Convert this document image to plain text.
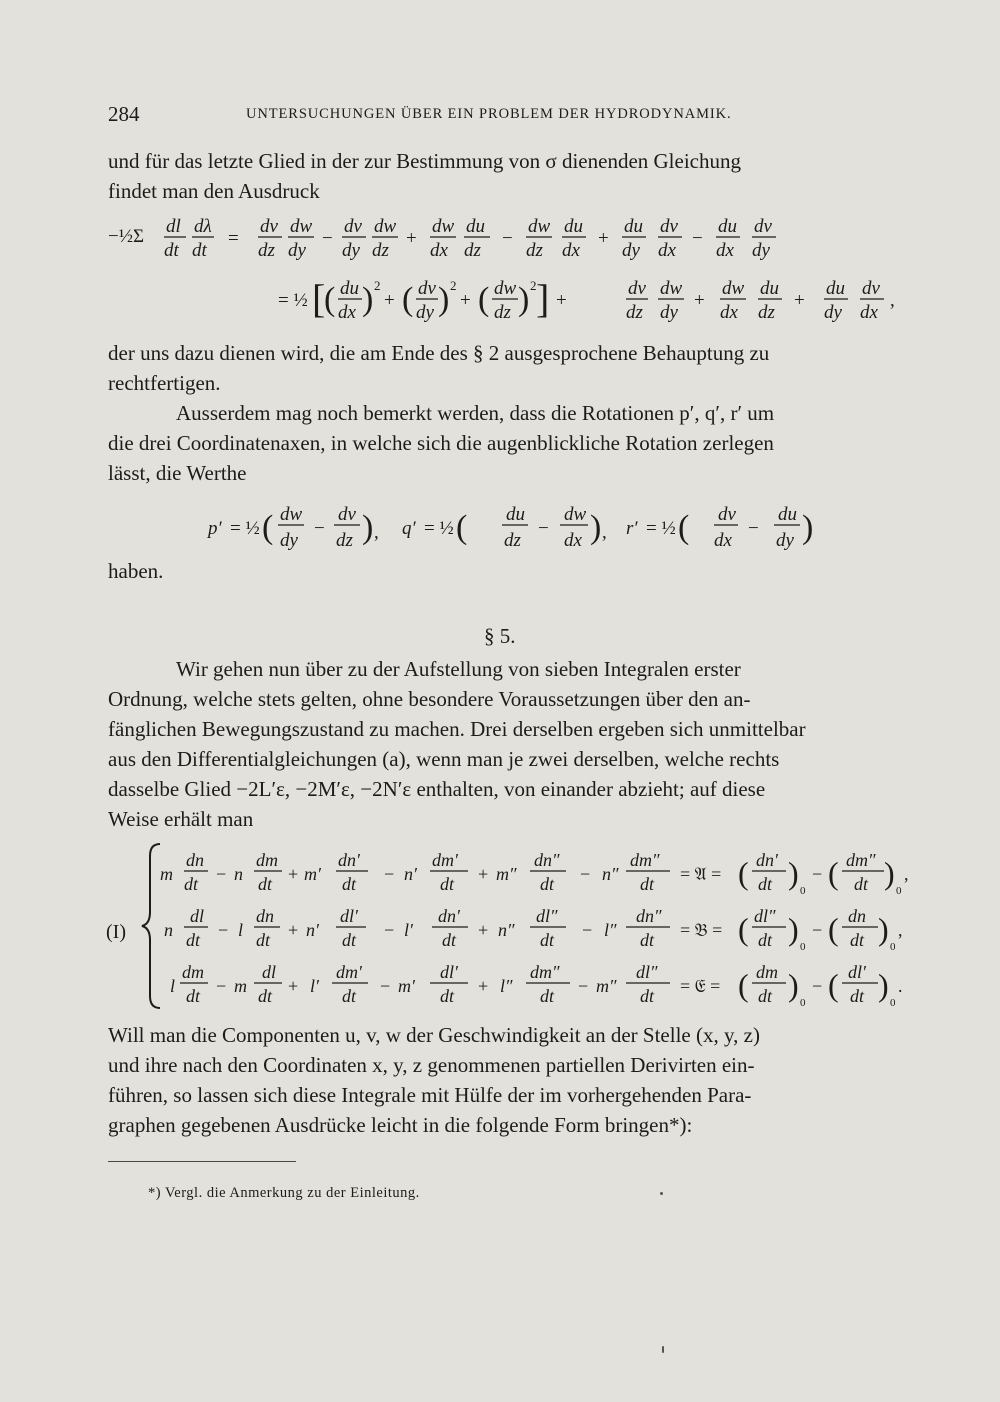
284	UNTERSUCHUNGEN ÜBER EIN PROBLEM DER HYDRODYNAMIK.
und für das letzte Glied in der zur Bestimmung von σ dienenden Gleichung
findet man den Ausdruck
−½Σ dl
dt
dλ
dt
=
dv
dz
dw
dy
−
dv
dy
dw
dz
+
dw
dx
du
dz
−
dw
dz
du
dx
+
du
dy
dv
dx
−
du
dx
dv
dy
= ½ [
( du
dx ) 2
+ ( dv
dy ) 2
+ ( dw
dz ) 2 ] +
dv
dz
dw
dy
+
dw
dx
du
dz
+
du
dy
dv
dx
,
der uns dazu dienen wird, die am Ende des § 2 ausgesprochene Behauptung zu
rechtfertigen.
Ausserdem mag noch bemerkt werden, dass die Rotationen p′, q′, r′ um
die drei Coordinatenaxen, in welche sich die augenblickliche Rotation zerlegen
lässt, die Werthe
p′ = ½ ( dw
dy
−
dv
dz ) , q′ = ½ ( du
dz
−
dw
dx ) , r′ = ½ ( dv
dx
−
du
dy )
haben.
§ 5.
Wir gehen nun über zu der Aufstellung von sieben Integralen erster
Ordnung, welche stets gelten, ohne besondere Voraussetzungen über den an-
fänglichen Bewegungszustand zu machen. Drei derselben ergeben sich unmittelbar
aus den Differentialgleichungen (a), wenn man je zwei derselben, welche rechts
dasselbe Glied −2L′ε, −2M′ε, −2N′ε enthalten, von einander abzieht; auf diese
Weise erhält man
(I)
m
dn
dt − n
dm
dt + m′
dn′
dt − n′
dm′
dt + m″
dn″
dt − n″
dm″
dt = 𝔄 = ( dn′
dt ) 0
− ( dm″
dt ) 0
,
n
dl
dt − l
dn
dt + n′
dl′
dt − l′
dn′
dt + n″
dl″
dt − l″
dn″
dt = 𝔅 = ( dl″
dt ) 0
− ( dn
dt ) 0
,
l
dm
dt − m
dl
dt + l′
dm′
dt − m′
dl′
dt + l″
dm″
dt − m″
dl″
dt = 𝔈 = ( dm
dt ) 0
− ( dl′
dt ) 0
.
Will man die Componenten u, v, w der Geschwindigkeit an der Stelle (x, y, z)
und ihre nach den Coordinaten x, y, z genommenen partiellen Derivirten ein-
führen, so lassen sich diese Integrale mit Hülfe der im vorhergehenden Para-
graphen gegebenen Ausdrücke leicht in die folgende Form bringen*):
*) Vergl. die Anmerkung zu der Einleitung.
